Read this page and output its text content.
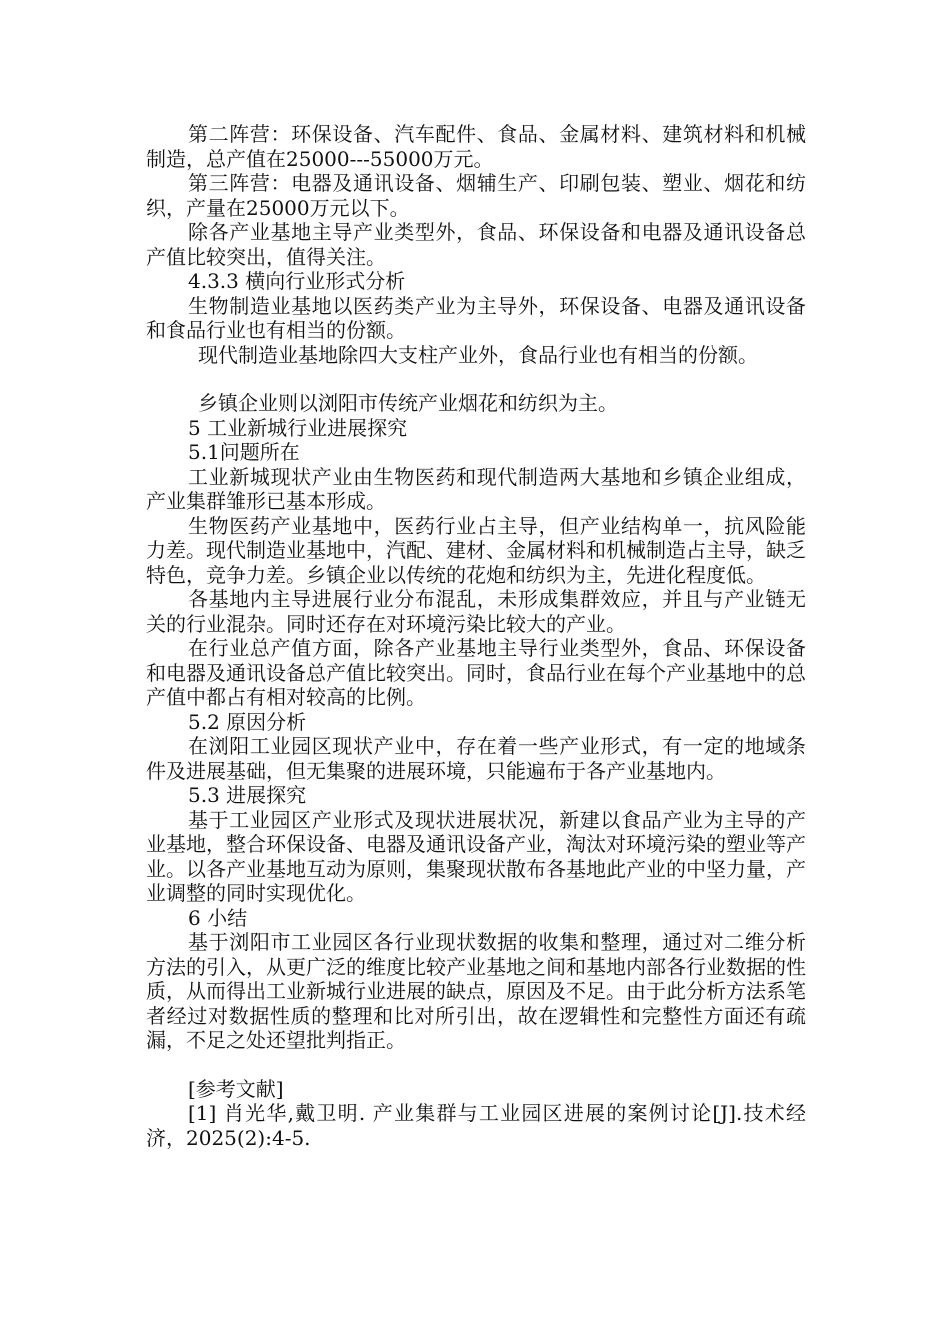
第二阵营：环保设备、汽车配件、食品、金属材料、建筑材料和机械制造，总产值在25000---55000万元。

第三阵营：电器及通讯设备、烟辅生产、印刷包装、塑业、烟花和纺织，产量在25000万元以下。

除各产业基地主导产业类型外，食品、环保设备和电器及通讯设备总产值比较突出，值得关注。

4.3.3 横向行业形式分析

生物制造业基地以医药类产业为主导外，环保设备、电器及通讯设备和食品行业也有相当的份额。

现代制造业基地除四大支柱产业外，食品行业也有相当的份额。

乡镇企业则以浏阳市传统产业烟花和纺织为主。

5 工业新城行业进展探究

5.1问题所在

工业新城现状产业由生物医药和现代制造两大基地和乡镇企业组成，产业集群雏形已基本形成。

生物医药产业基地中，医药行业占主导，但产业结构单一，抗风险能力差。现代制造业基地中，汽配、建材、金属材料和机械制造占主导，缺乏特色，竞争力差。乡镇企业以传统的花炮和纺织为主，先进化程度低。

各基地内主导进展行业分布混乱，未形成集群效应，并且与产业链无关的行业混杂。同时还存在对环境污染比较大的产业。

在行业总产值方面，除各产业基地主导行业类型外，食品、环保设备和电器及通讯设备总产值比较突出。同时，食品行业在每个产业基地中的总产值中都占有相对较高的比例。

5.2 原因分析

在浏阳工业园区现状产业中，存在着一些产业形式，有一定的地域条件及进展基础，但无集聚的进展环境，只能遍布于各产业基地内。

5.3 进展探究

基于工业园区产业形式及现状进展状况，新建以食品产业为主导的产业基地，整合环保设备、电器及通讯设备产业，淘汰对环境污染的塑业等产业。以各产业基地互动为原则，集聚现状散布各基地此产业的中坚力量，产业调整的同时实现优化。

6 小结

基于浏阳市工业园区各行业现状数据的收集和整理，通过对二维分析方法的引入，从更广泛的维度比较产业基地之间和基地内部各行业数据的性质，从而得出工业新城行业进展的缺点，原因及不足。由于此分析方法系笔者经过对数据性质的整理和比对所引出，故在逻辑性和完整性方面还有疏漏，不足之处还望批判指正。

[参考文献]

[1] 肖光华,戴卫明. 产业集群与工业园区进展的案例讨论[J].技术经济，2025(2):4-5.
